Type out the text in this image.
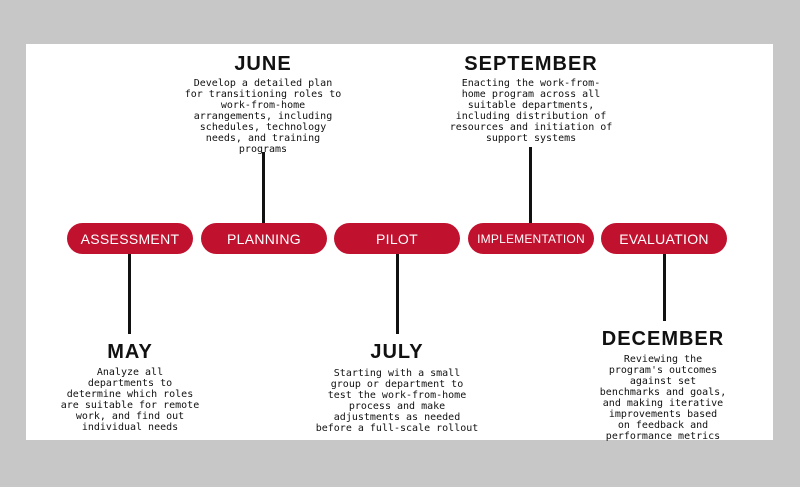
ASSESSMENT	PLANNING	PILOT	IMPLEMENTATION	EVALUATION
MAY
Analyze all
departments to
determine which roles
are suitable for remote
work, and find out
individual needs
JUNE
Develop a detailed plan
for transitioning roles to
work-from-home
arrangements, including
schedules, technology
needs, and training
programs
JULY
Starting with a small
group or department to
test the work-from-home
process and make
adjustments as needed
before a full-scale rollout
SEPTEMBER
Enacting the work-from-
home program across all
suitable departments,
including distribution of
resources and initiation of
support systems
DECEMBER
Reviewing the
program's outcomes
against set
benchmarks and goals,
and making iterative
improvements based
on feedback and
performance metrics
